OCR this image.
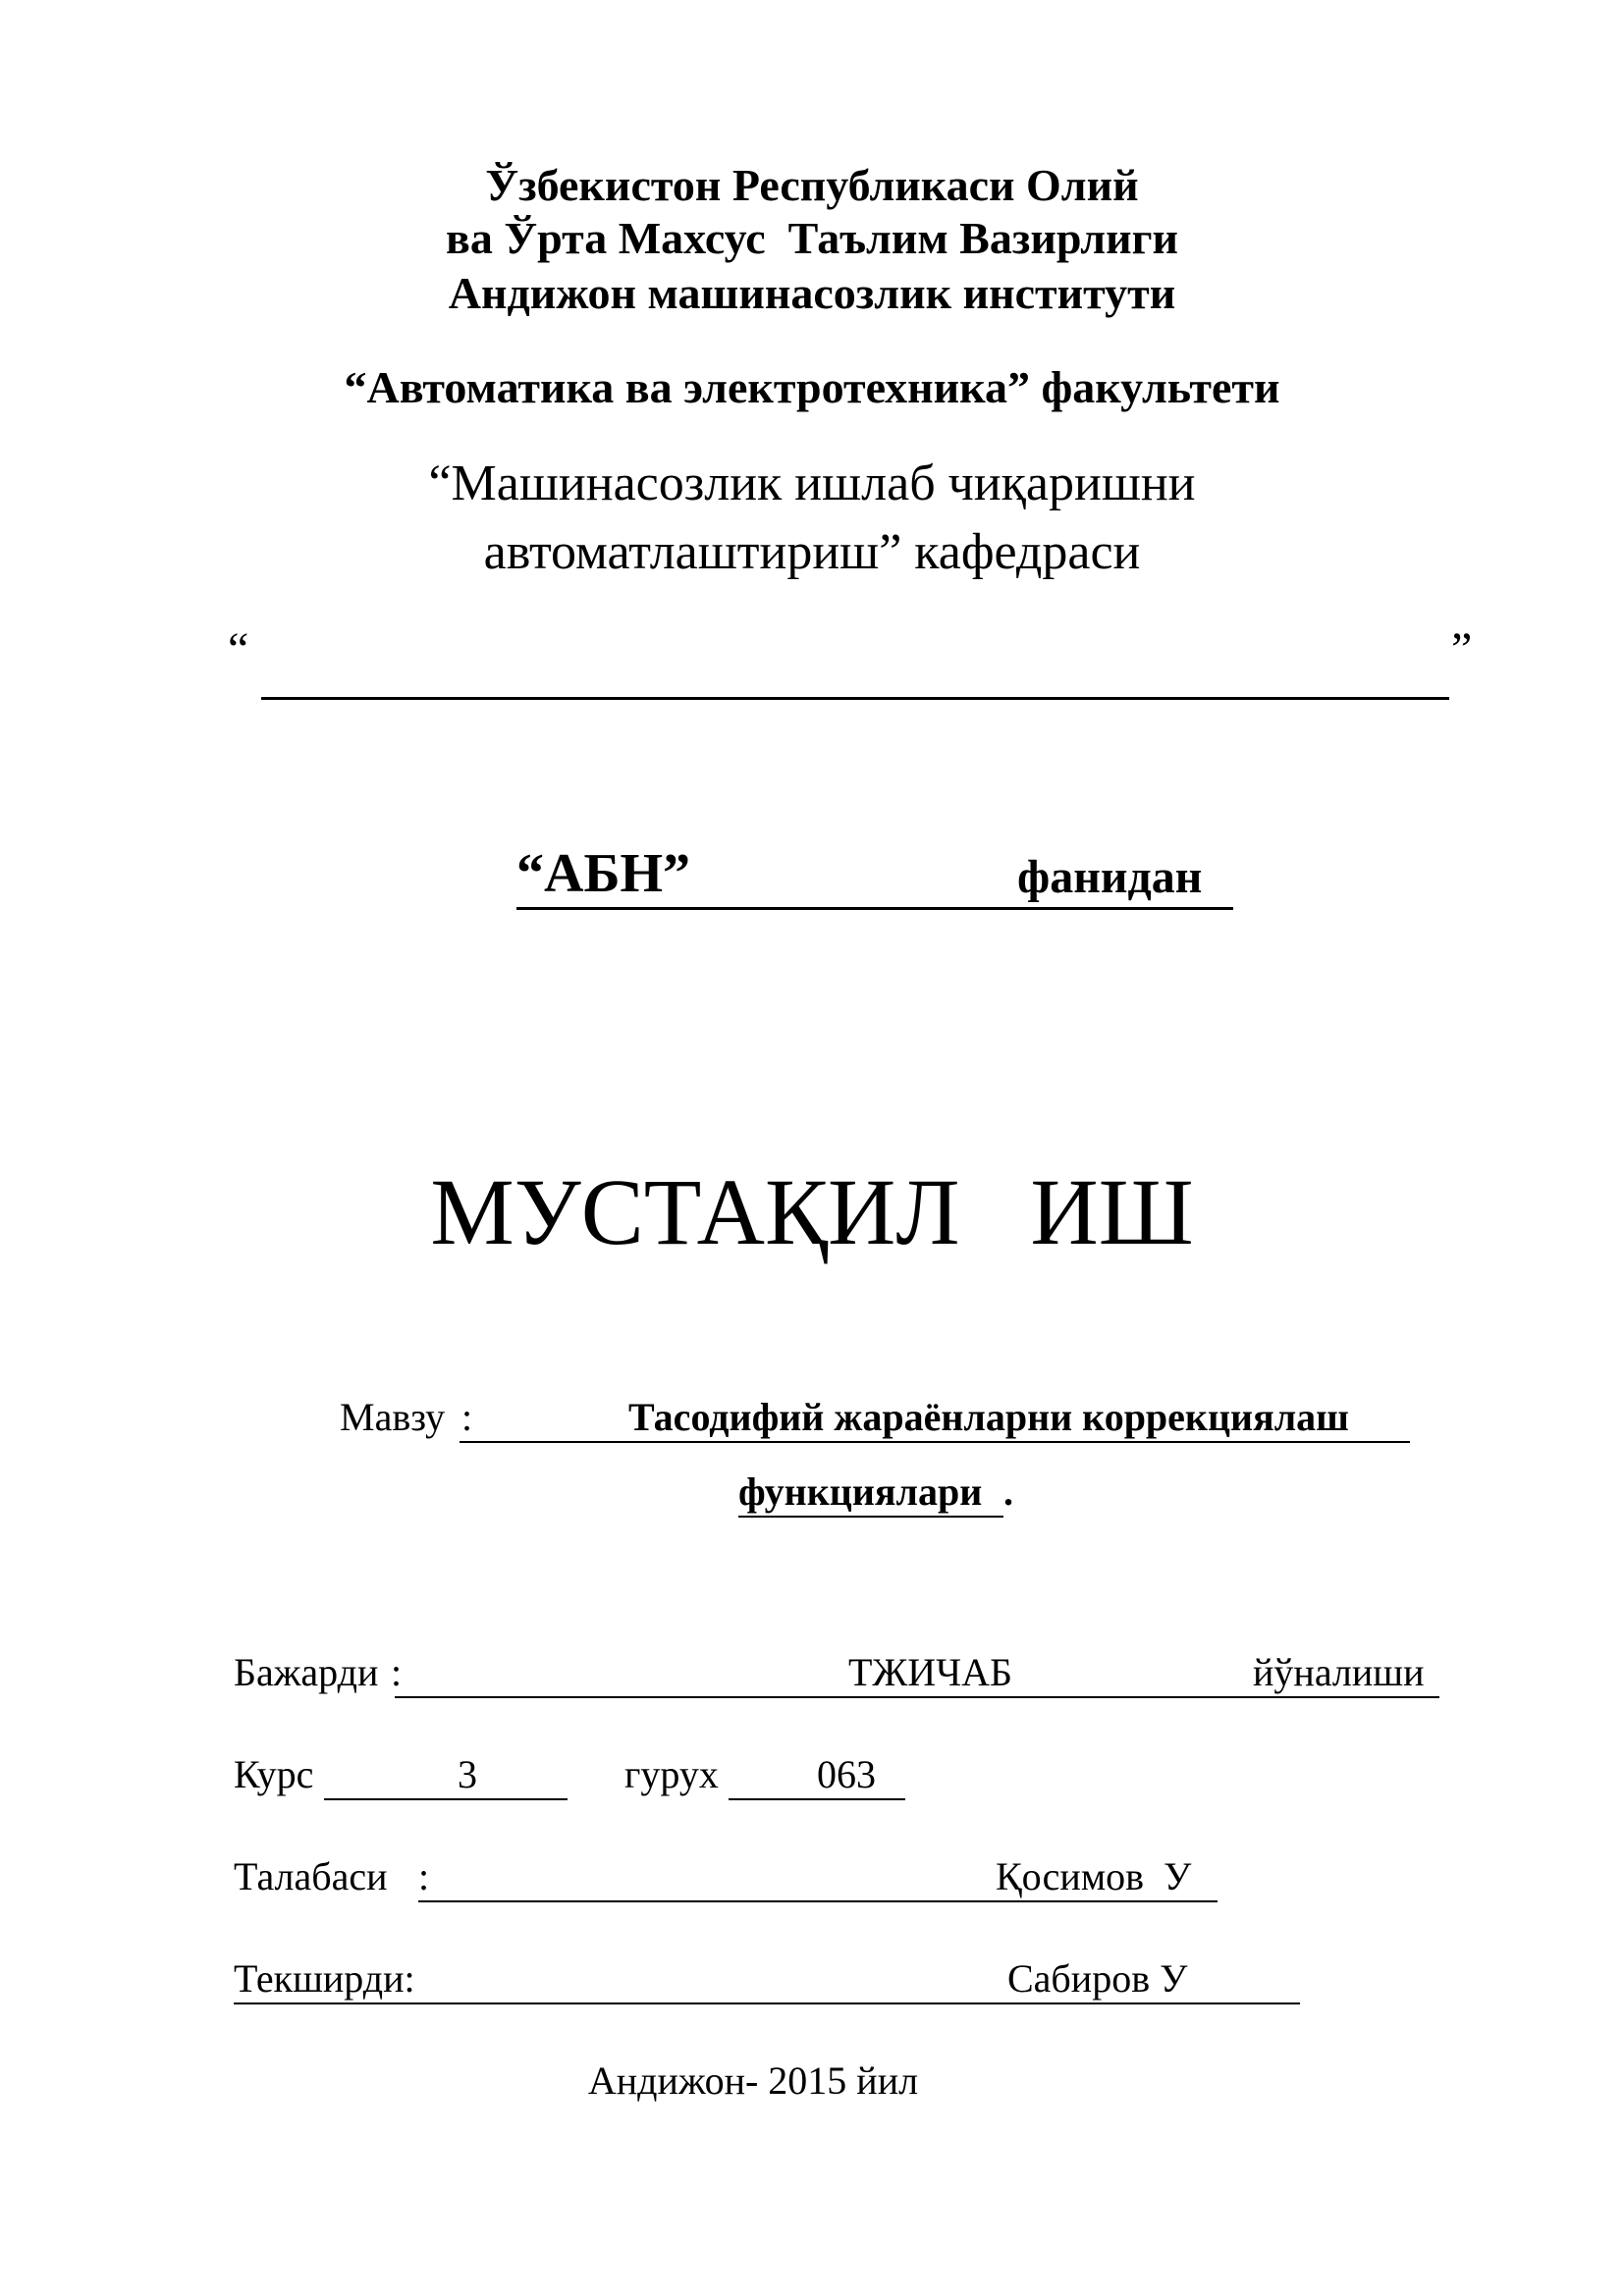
Ўзбекистон Республикаси Олий
ва Ўрта Махсус  Таълим Вазирлиги
Андижон машинасозлик институти
“Автоматика ва электротехника” факультети
“Машинасозлик ишлаб чиқаришни
автоматлаштириш” кафедраси
“	”
“АБН”	фанидан
МУСТАҚИЛ   ИШ
Мавзу :	Тасодифий жараёнларни коррекциялаш
функциялари .
Бажарди :	ТЖИЧАБ	йўналиши
Курс	3	гурух	063
Талабаси :	Қосимов  У
Текширди:	Сабиров У
Андижон- 2015 йил
